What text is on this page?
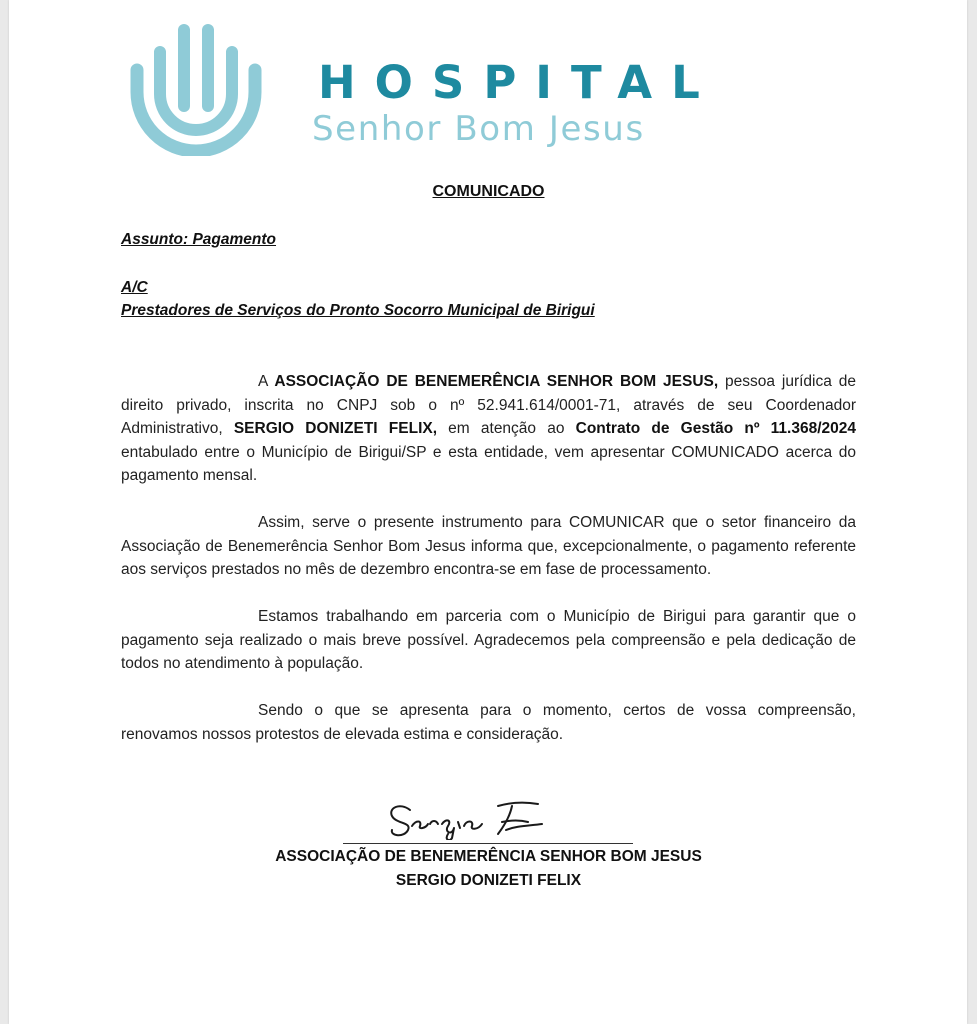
HOSPITAL
Senhor Bom Jesus
COMUNICADO
Assunto: Pagamento
A/C
Prestadores de Serviços do Pronto Socorro Municipal de Birigui

A ASSOCIAÇÃO DE BENEMERÊNCIA SENHOR BOM JESUS, pessoa jurídica de direito privado, inscrita no CNPJ sob o nº 52.941.614/0001-71, através de seu Coordenador Administrativo, SERGIO DONIZETI FELIX, em atenção ao Contrato de Gestão nº 11.368/2024 entabulado entre o Município de Birigui/SP e esta entidade, vem apresentar COMUNICADO acerca do pagamento mensal.

Assim, serve o presente instrumento para COMUNICAR que o setor financeiro da Associação de Benemerência Senhor Bom Jesus informa que, excepcionalmente, o pagamento referente aos serviços prestados no mês de dezembro encontra-se em fase de processamento.

Estamos trabalhando em parceria com o Município de Birigui para garantir que o pagamento seja realizado o mais breve possível. Agradecemos pela compreensão e pela dedicação de todos no atendimento à população.

Sendo o que se apresenta para o momento, certos de vossa compreensão, renovamos nossos protestos de elevada estima e consideração.

ASSOCIAÇÃO DE BENEMERÊNCIA SENHOR BOM JESUS
SERGIO DONIZETI FELIX
